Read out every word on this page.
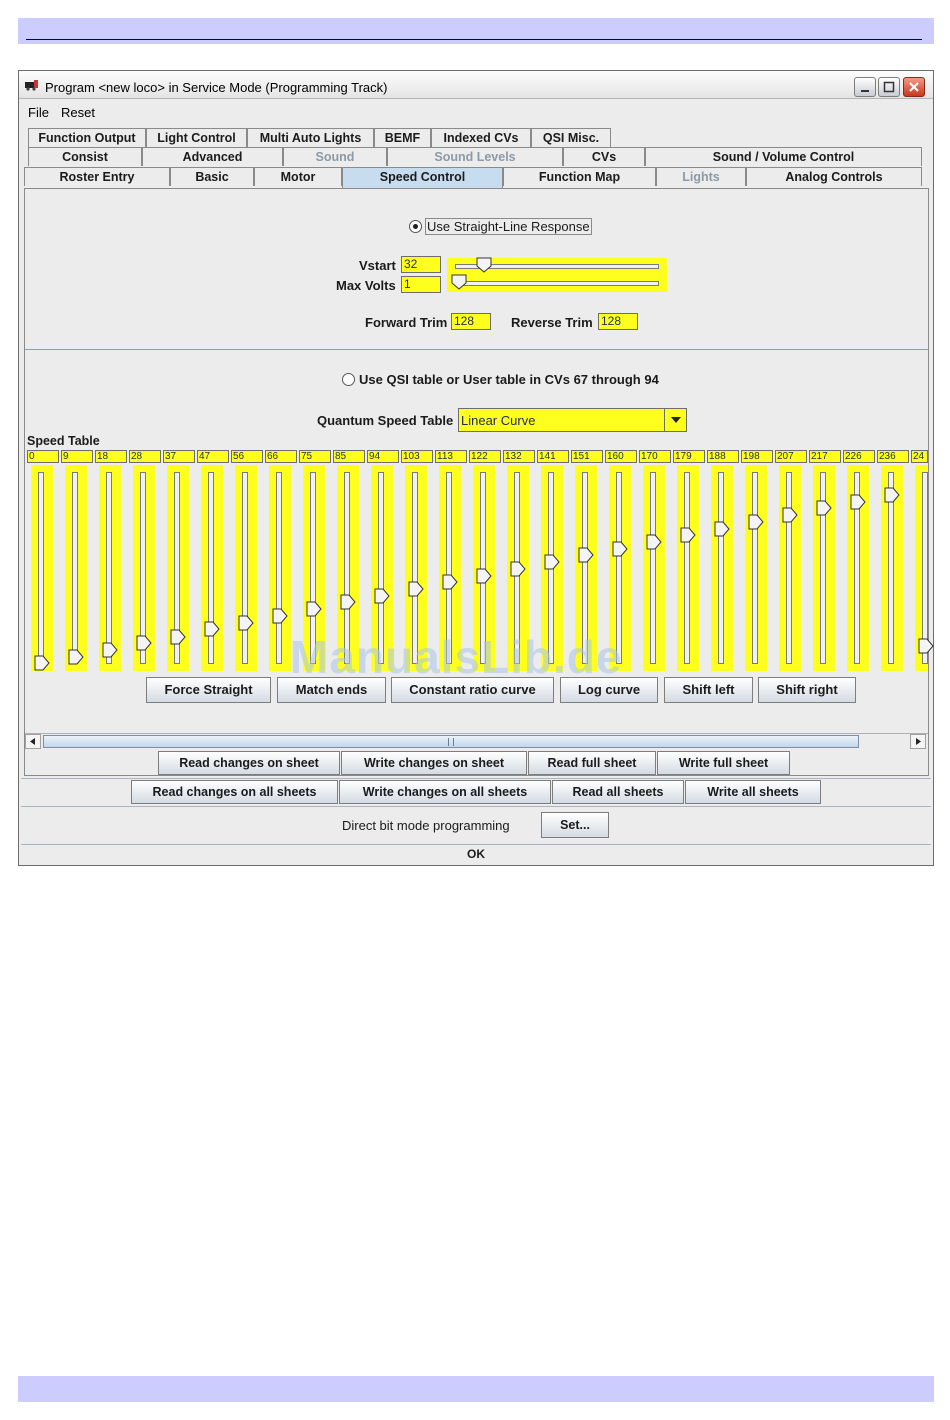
Program <new loco> in Service Mode (Programming Track)
File Reset
Function Output	Light Control	Multi Auto Lights	BEMF	Indexed CVs	QSI Misc.
Consist	Advanced	Sound	Sound Levels	CVs	Sound / Volume Control
Roster Entry	Basic	Motor	Speed Control	Function Map	Lights	Analog Controls
Use Straight-Line Response
Vstart 32
Max Volts 1
Forward Trim 128	Reverse Trim 128
Use QSI table or User table in CVs 67 through 94
Quantum Speed Table Linear Curve
Speed Table
0	9	18	28	37	47	56	66	75	85	94	103	113	122	132	141	151	160	170	179	188	198	207	217	226	236	24
Force Straight	Match ends	Constant ratio curve	Log curve	Shift left	Shift right
Read changes on sheet	Write changes on sheet	Read full sheet	Write full sheet
Read changes on all sheets	Write changes on all sheets	Read all sheets	Write all sheets
Direct bit mode programming	Set...
OK
ManualsLib.de
